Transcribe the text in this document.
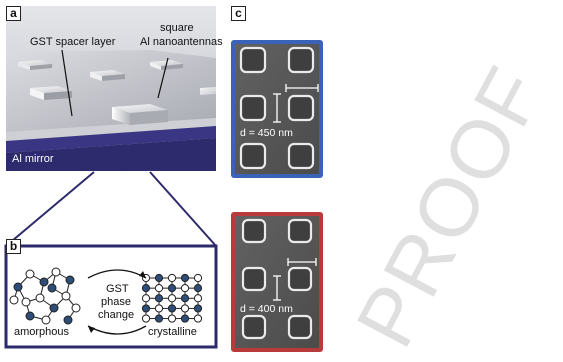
PROOF
a
b
c
GST spacer layer
square
Al nanoantennas
Al mirror
amorphous	crystalline
GST
phase
change
d = 450 nm
d = 400 nm
